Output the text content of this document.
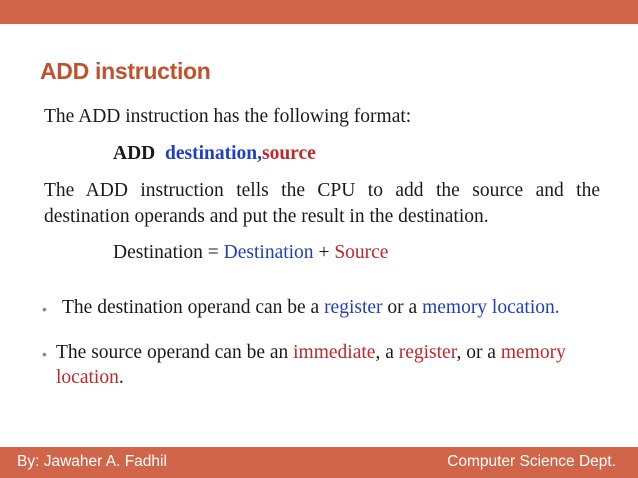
ADD instruction
The ADD instruction has the following format:
ADD destination,source
The ADD instruction tells the CPU to add the source and the destination operands and put the result in the destination.
Destination = Destination + Source
• The destination operand can be a register or a memory location.
• The source operand can be an immediate, a register, or a memory
location.
By: Jawaher A. Fadhil	Computer Science Dept.
